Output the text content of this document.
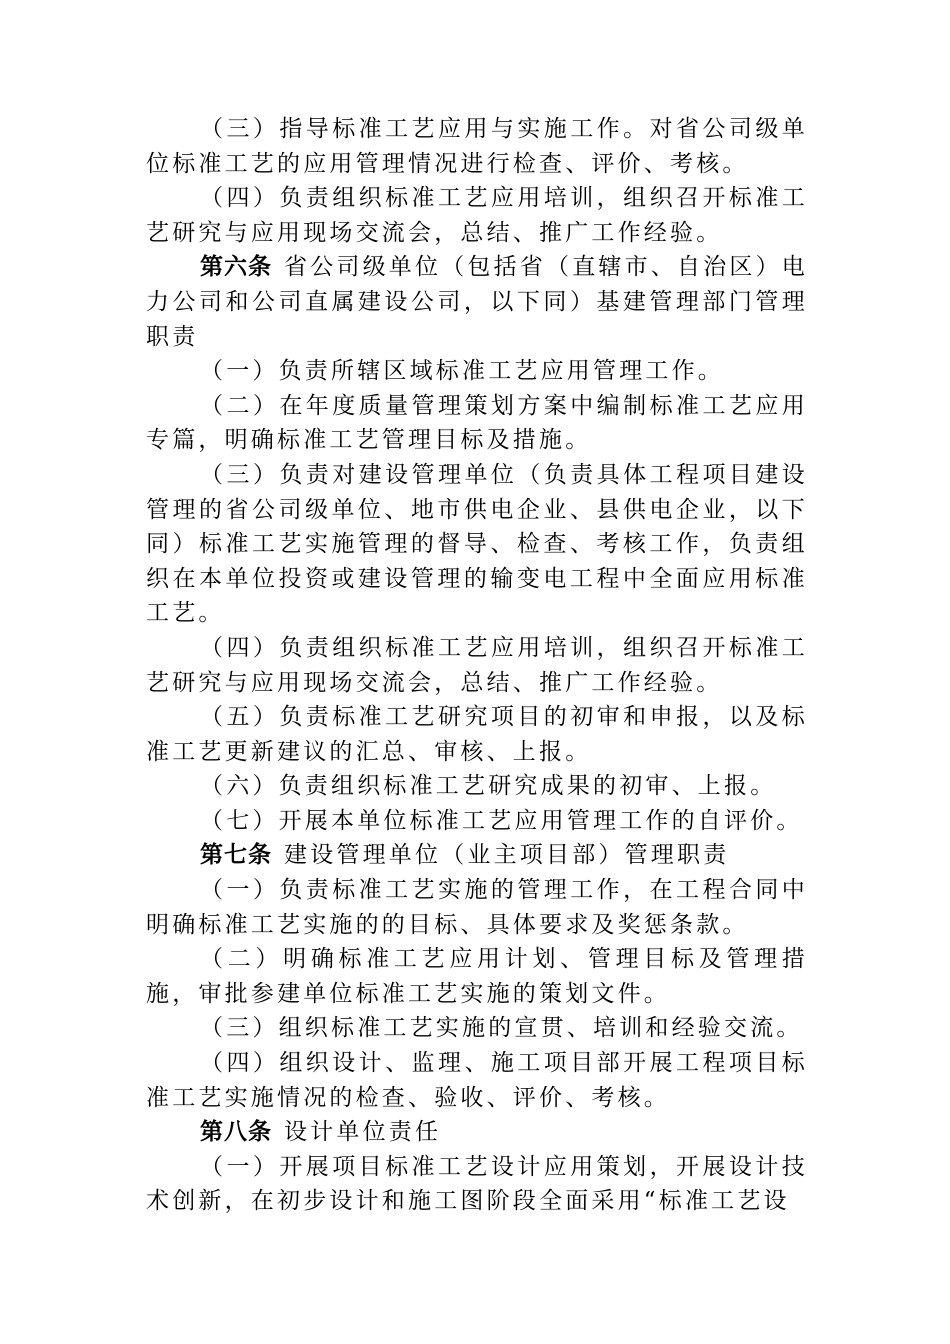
（三）指导标准工艺应用与实施工作。对省公司级单位标准工艺的应用管理情况进行检查、评价、考核。

（四）负责组织标准工艺应用培训，组织召开标准工艺研究与应用现场交流会，总结、推广工作经验。

第六条 省公司级单位（包括省（直辖市、自治区）电力公司和公司直属建设公司，以下同）基建管理部门管理职责

（一）负责所辖区域标准工艺应用管理工作。

（二）在年度质量管理策划方案中编制标准工艺应用专篇，明确标准工艺管理目标及措施。

（三）负责对建设管理单位（负责具体工程项目建设管理的省公司级单位、地市供电企业、县供电企业，以下同）标准工艺实施管理的督导、检查、考核工作，负责组织在本单位投资或建设管理的输变电工程中全面应用标准工艺。

（四）负责组织标准工艺应用培训，组织召开标准工艺研究与应用现场交流会，总结、推广工作经验。

（五）负责标准工艺研究项目的初审和申报，以及标准工艺更新建议的汇总、审核、上报。

（六）负责组织标准工艺研究成果的初审、上报。

（七）开展本单位标准工艺应用管理工作的自评价。

第七条 建设管理单位（业主项目部）管理职责

（一）负责标准工艺实施的管理工作，在工程合同中明确标准工艺实施的的目标、具体要求及奖惩条款。

（二）明确标准工艺应用计划、管理目标及管理措施，审批参建单位标准工艺实施的策划文件。

（三）组织标准工艺实施的宣贯、培训和经验交流。

（四）组织设计、监理、施工项目部开展工程项目标准工艺实施情况的检查、验收、评价、考核。

第八条 设计单位责任

（一）开展项目标准工艺设计应用策划，开展设计技术创新，在初步设计和施工图阶段全面采用“标准工艺设
